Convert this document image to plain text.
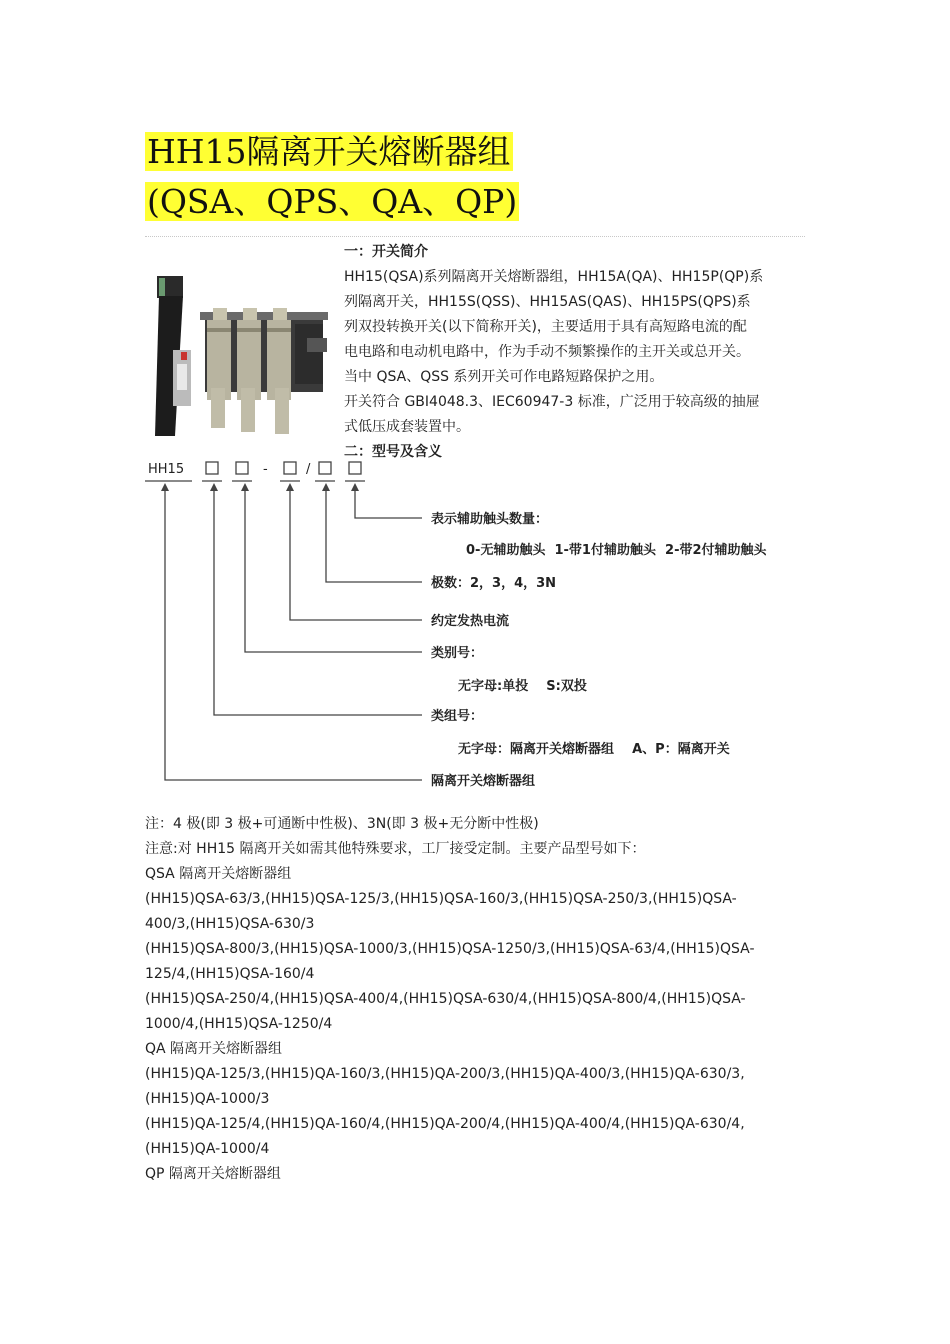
HH15隔离开关熔断器组
(QSA、QPS、QA、QP)

一：开关简介

HH15(QSA)系列隔离开关熔断器组，HH15A(QA)、HH15P(QP)系

列隔离开关，HH15S(QSS)、HH15AS(QAS)、HH15PS(QPS)系

列双投转换开关(以下简称开关)，主要适用于具有高短路电流的配

电电路和电动机电路中，作为手动不频繁操作的主开关或总开关。

当中 QSA、QSS 系列开关可作电路短路保护之用。

开关符合 GBI4048.3、IEC60947-3 标准，广泛用于较高级的抽屉

式低压成套装置中。

二：型号及含义

HH15	-	/
表示辅助触头数量：
0-无辅助触头  1-带1付辅助触头  2-带2付辅助触头
极数：2，3，4，3N
约定发热电流
类别号：
无字母:单投    S:双投
类组号：
无字母：隔离开关熔断器组    A、P：隔离开关
隔离开关熔断器组

注：4 极(即 3 极+可通断中性极)、3N(即 3 极+无分断中性极)

注意:对 HH15 隔离开关如需其他特殊要求，工厂接受定制。主要产品型号如下：

QSA 隔离开关熔断器组

(HH15)QSA-63/3,(HH15)QSA-125/3,(HH15)QSA-160/3,(HH15)QSA-250/3,(HH15)QSA-

400/3,(HH15)QSA-630/3

(HH15)QSA-800/3,(HH15)QSA-1000/3,(HH15)QSA-1250/3,(HH15)QSA-63/4,(HH15)QSA-

125/4,(HH15)QSA-160/4

(HH15)QSA-250/4,(HH15)QSA-400/4,(HH15)QSA-630/4,(HH15)QSA-800/4,(HH15)QSA-

1000/4,(HH15)QSA-1250/4

QA 隔离开关熔断器组

(HH15)QA-125/3,(HH15)QA-160/3,(HH15)QA-200/3,(HH15)QA-400/3,(HH15)QA-630/3,

(HH15)QA-1000/3

(HH15)QA-125/4,(HH15)QA-160/4,(HH15)QA-200/4,(HH15)QA-400/4,(HH15)QA-630/4,

(HH15)QA-1000/4

QP 隔离开关熔断器组
